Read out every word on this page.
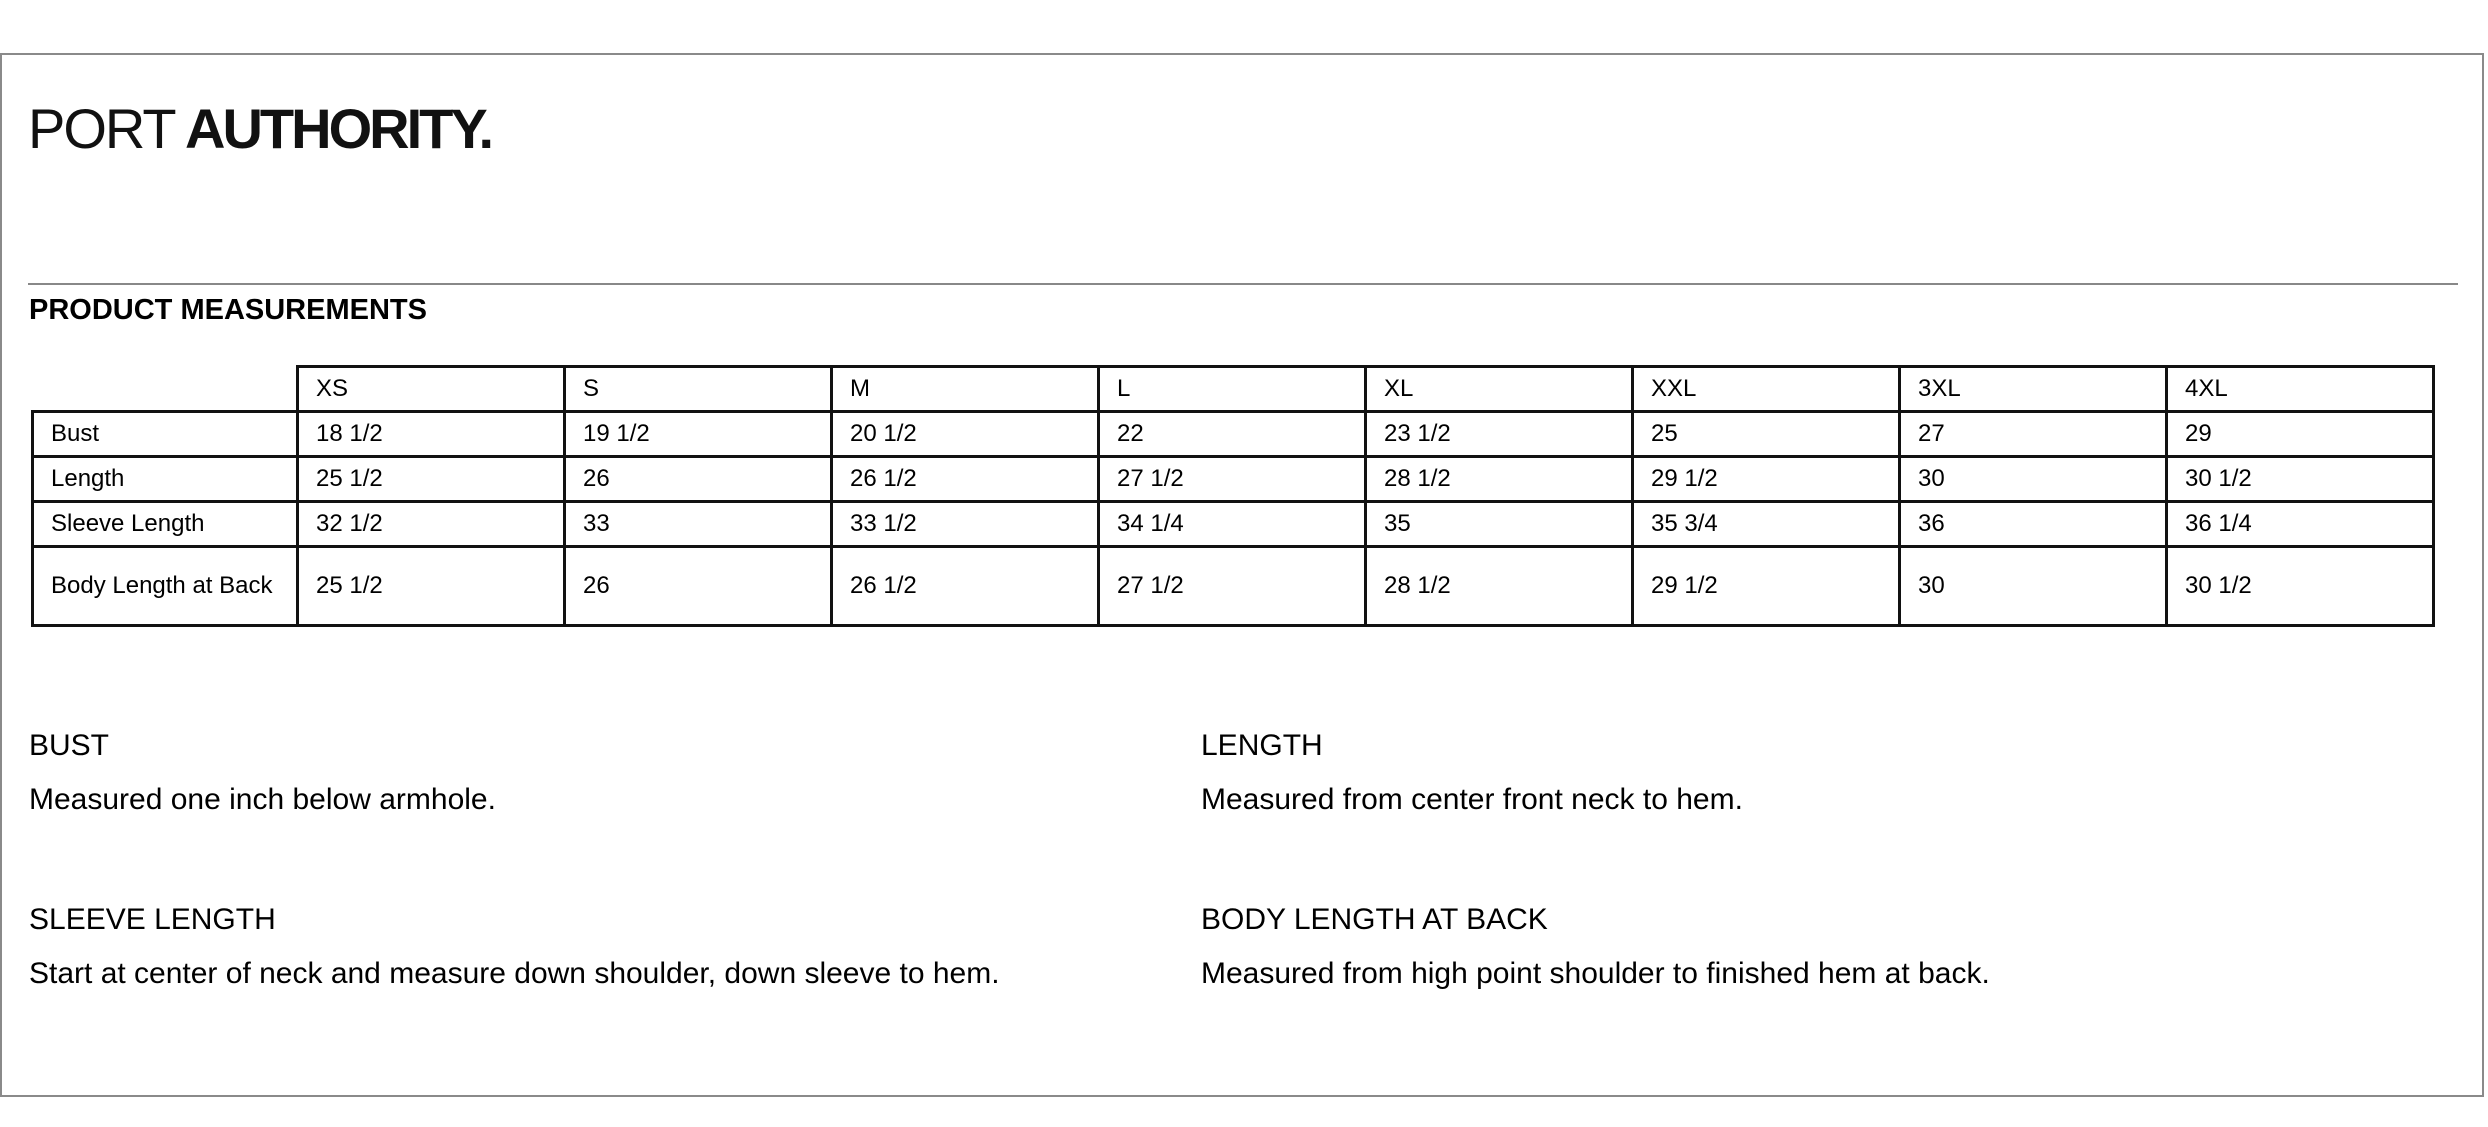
PORT AUTHORITY.
PRODUCT MEASUREMENTS
	XS	S	M	L	XL	XXL	3XL	4XL
Bust	18 1/2	19 1/2	20 1/2	22	23 1/2	25	27	29
Length	25 1/2	26	26 1/2	27 1/2	28 1/2	29 1/2	30	30 1/2
Sleeve Length	32 1/2	33	33 1/2	34 1/4	35	35 3/4	36	36 1/4
Body Length at Back	25 1/2	26	26 1/2	27 1/2	28 1/2	29 1/2	30	30 1/2
BUST
Measured one inch below armhole.
LENGTH
Measured from center front neck to hem.
SLEEVE LENGTH
Start at center of neck and measure down shoulder, down sleeve to hem.
BODY LENGTH AT BACK
Measured from high point shoulder to finished hem at back.
